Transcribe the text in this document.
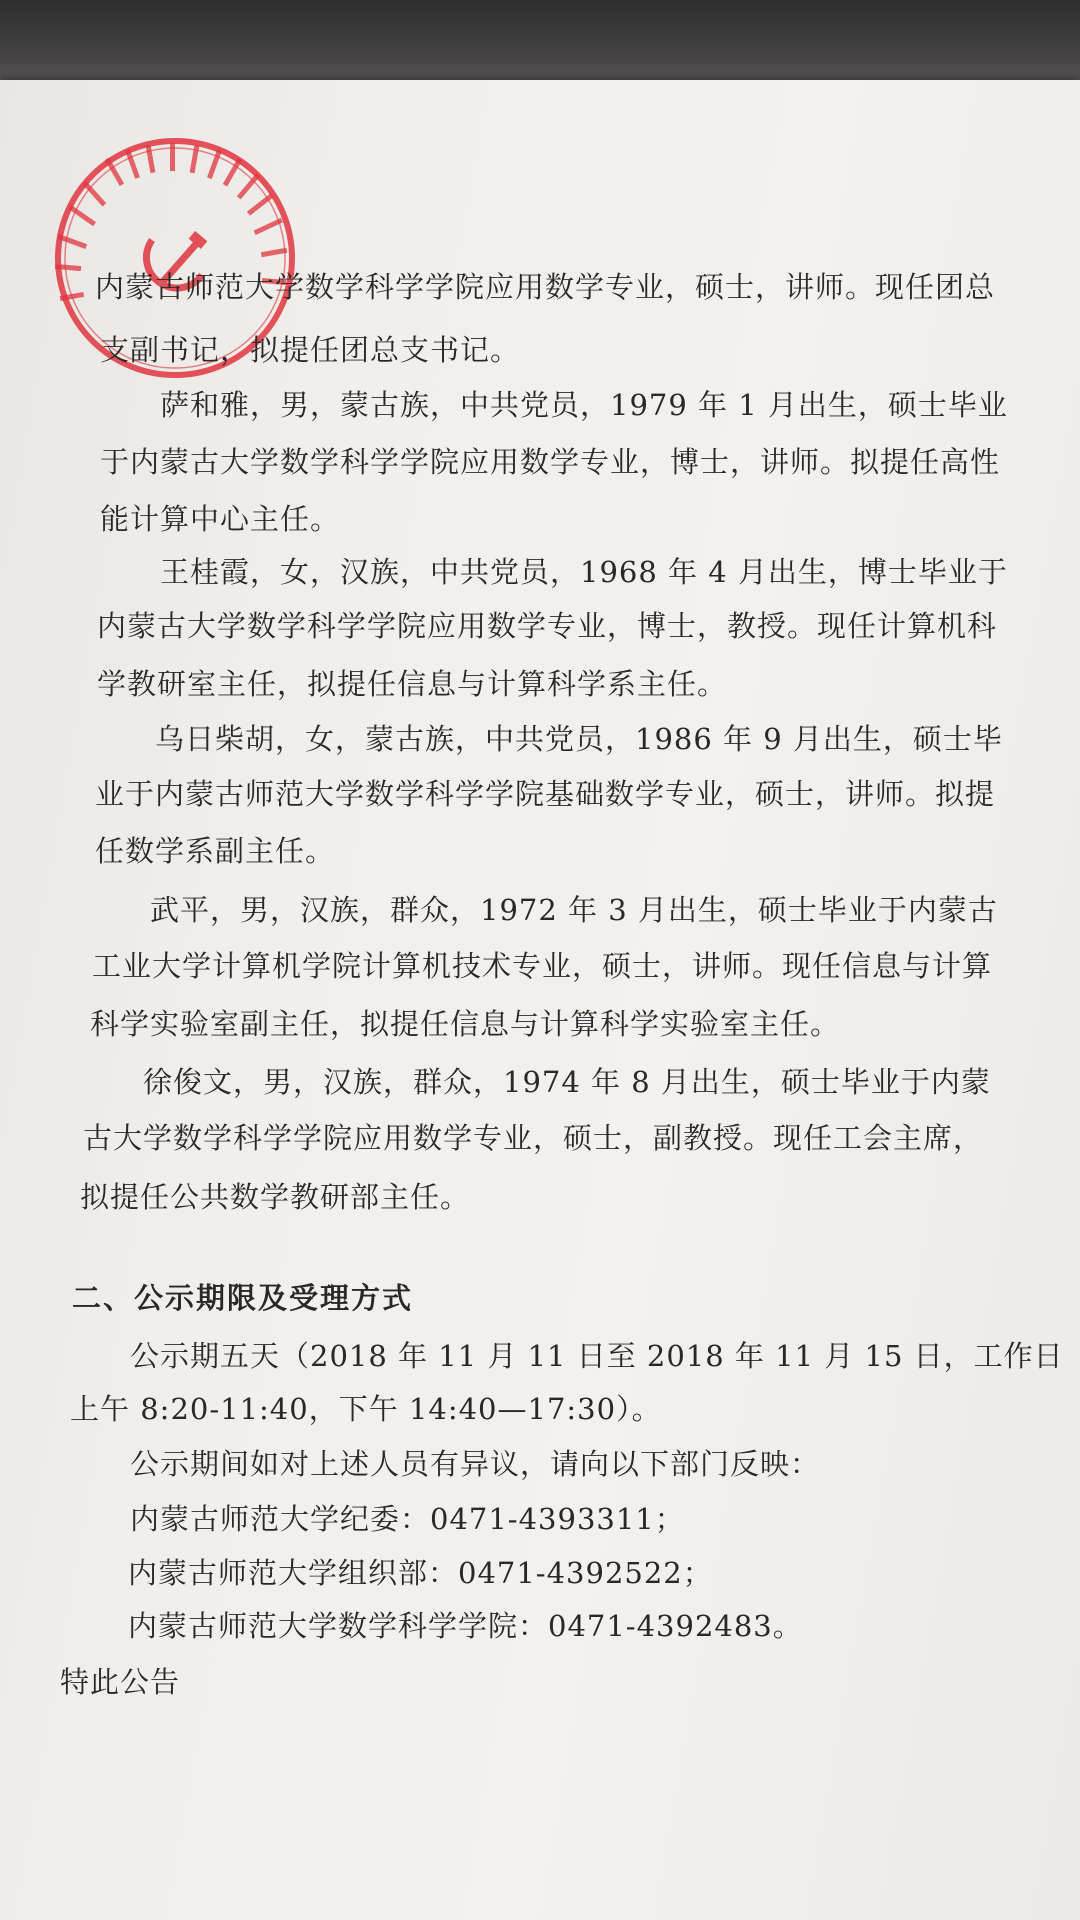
内蒙古师范大学数学科学学院应用数学专业，硕士，讲师。现任团总
支副书记，拟提任团总支书记。
萨和雅，男，蒙古族，中共党员，1979 年 1 月出生，硕士毕业
于内蒙古大学数学科学学院应用数学专业，博士，讲师。拟提任高性
能计算中心主任。
王桂霞，女，汉族，中共党员，1968 年 4 月出生，博士毕业于
内蒙古大学数学科学学院应用数学专业，博士，教授。现任计算机科
学教研室主任，拟提任信息与计算科学系主任。
乌日柴胡，女，蒙古族，中共党员，1986 年 9 月出生，硕士毕
业于内蒙古师范大学数学科学学院基础数学专业，硕士，讲师。拟提
任数学系副主任。
武平，男，汉族，群众，1972 年 3 月出生，硕士毕业于内蒙古
工业大学计算机学院计算机技术专业，硕士，讲师。现任信息与计算
科学实验室副主任，拟提任信息与计算科学实验室主任。
徐俊文，男，汉族，群众，1974 年 8 月出生，硕士毕业于内蒙
古大学数学科学学院应用数学专业，硕士，副教授。现任工会主席，
拟提任公共数学教研部主任。
二、公示期限及受理方式
公示期五天（2018 年 11 月 11 日至 2018 年 11 月 15 日，工作日
上午 8:20-11:40，下午 14:40—17:30）。
公示期间如对上述人员有异议，请向以下部门反映：
内蒙古师范大学纪委：0471-4393311；
内蒙古师范大学组织部：0471-4392522；
内蒙古师范大学数学科学学院：0471-4392483。
特此公告
